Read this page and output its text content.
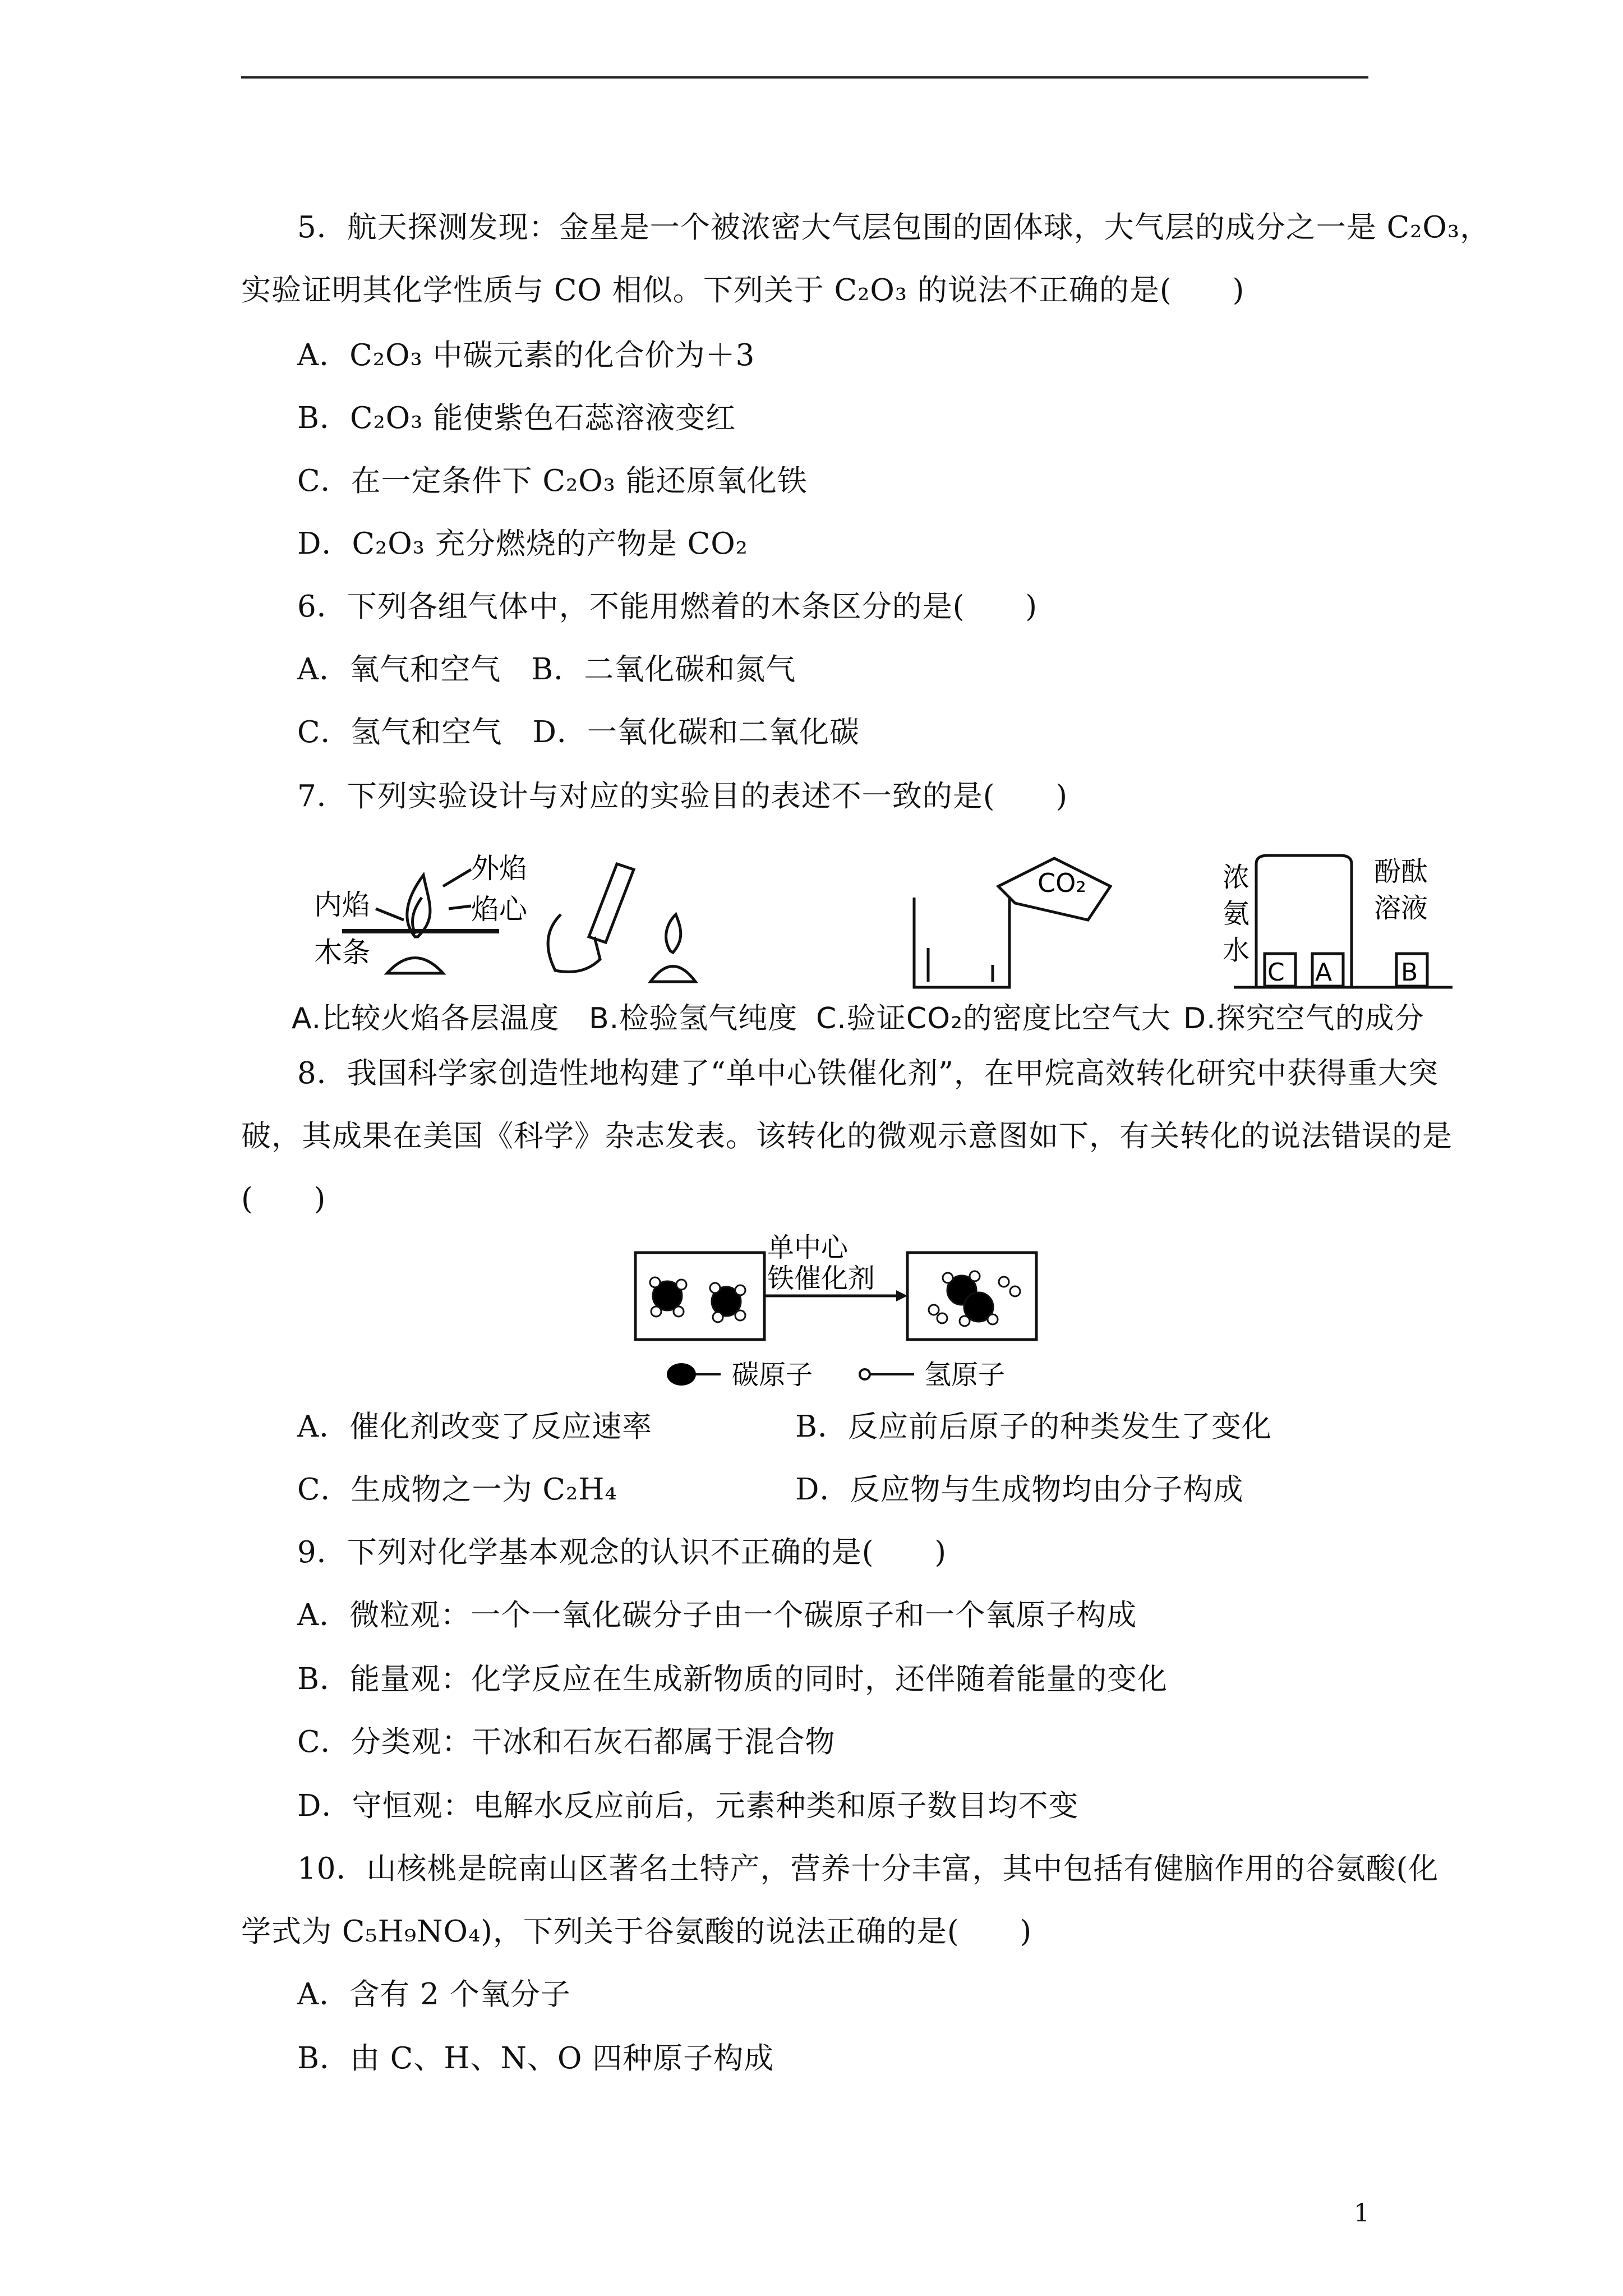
5．航天探测发现：金星是一个被浓密大气层包围的固体球，大气层的成分之一是 C₂O₃，
实验证明其化学性质与 CO 相似。下列关于 C₂O₃ 的说法不正确的是(　　)
A．C₂O₃ 中碳元素的化合价为＋3
B．C₂O₃ 能使紫色石蕊溶液变红
C．在一定条件下 C₂O₃ 能还原氧化铁
D．C₂O₃ 充分燃烧的产物是 CO₂
6．下列各组气体中，不能用燃着的木条区分的是(　　)
A．氧气和空气　B．二氧化碳和氮气
C．氢气和空气　D．一氧化碳和二氧化碳
7．下列实验设计与对应的实验目的表述不一致的是(　　)
外焰
焰心
内焰
木条
CO₂
C A	B
浓
氨
水
酚酞
溶液
A.比较火焰各层温度 B.检验氢气纯度 C.验证CO₂的密度比空气大 D.探究空气的成分
8．我国科学家创造性地构建了“单中心铁催化剂”，在甲烷高效转化研究中获得重大突
破，其成果在美国《科学》杂志发表。该转化的微观示意图如下，有关转化的说法错误的是
(　　)
单中心
铁催化剂
碳原子	氢原子
A．催化剂改变了反应速率	B．反应前后原子的种类发生了变化
C．生成物之一为 C₂H₄	D．反应物与生成物均由分子构成
9．下列对化学基本观念的认识不正确的是(　　)
A．微粒观：一个一氧化碳分子由一个碳原子和一个氧原子构成
B．能量观：化学反应在生成新物质的同时，还伴随着能量的变化
C．分类观：干冰和石灰石都属于混合物
D．守恒观：电解水反应前后，元素种类和原子数目均不变
10．山核桃是皖南山区著名土特产，营养十分丰富，其中包括有健脑作用的谷氨酸(化
学式为 C₅H₉NO₄)，下列关于谷氨酸的说法正确的是(　　)
A．含有 2 个氧分子
B．由 C、H、N、O 四种原子构成
1
